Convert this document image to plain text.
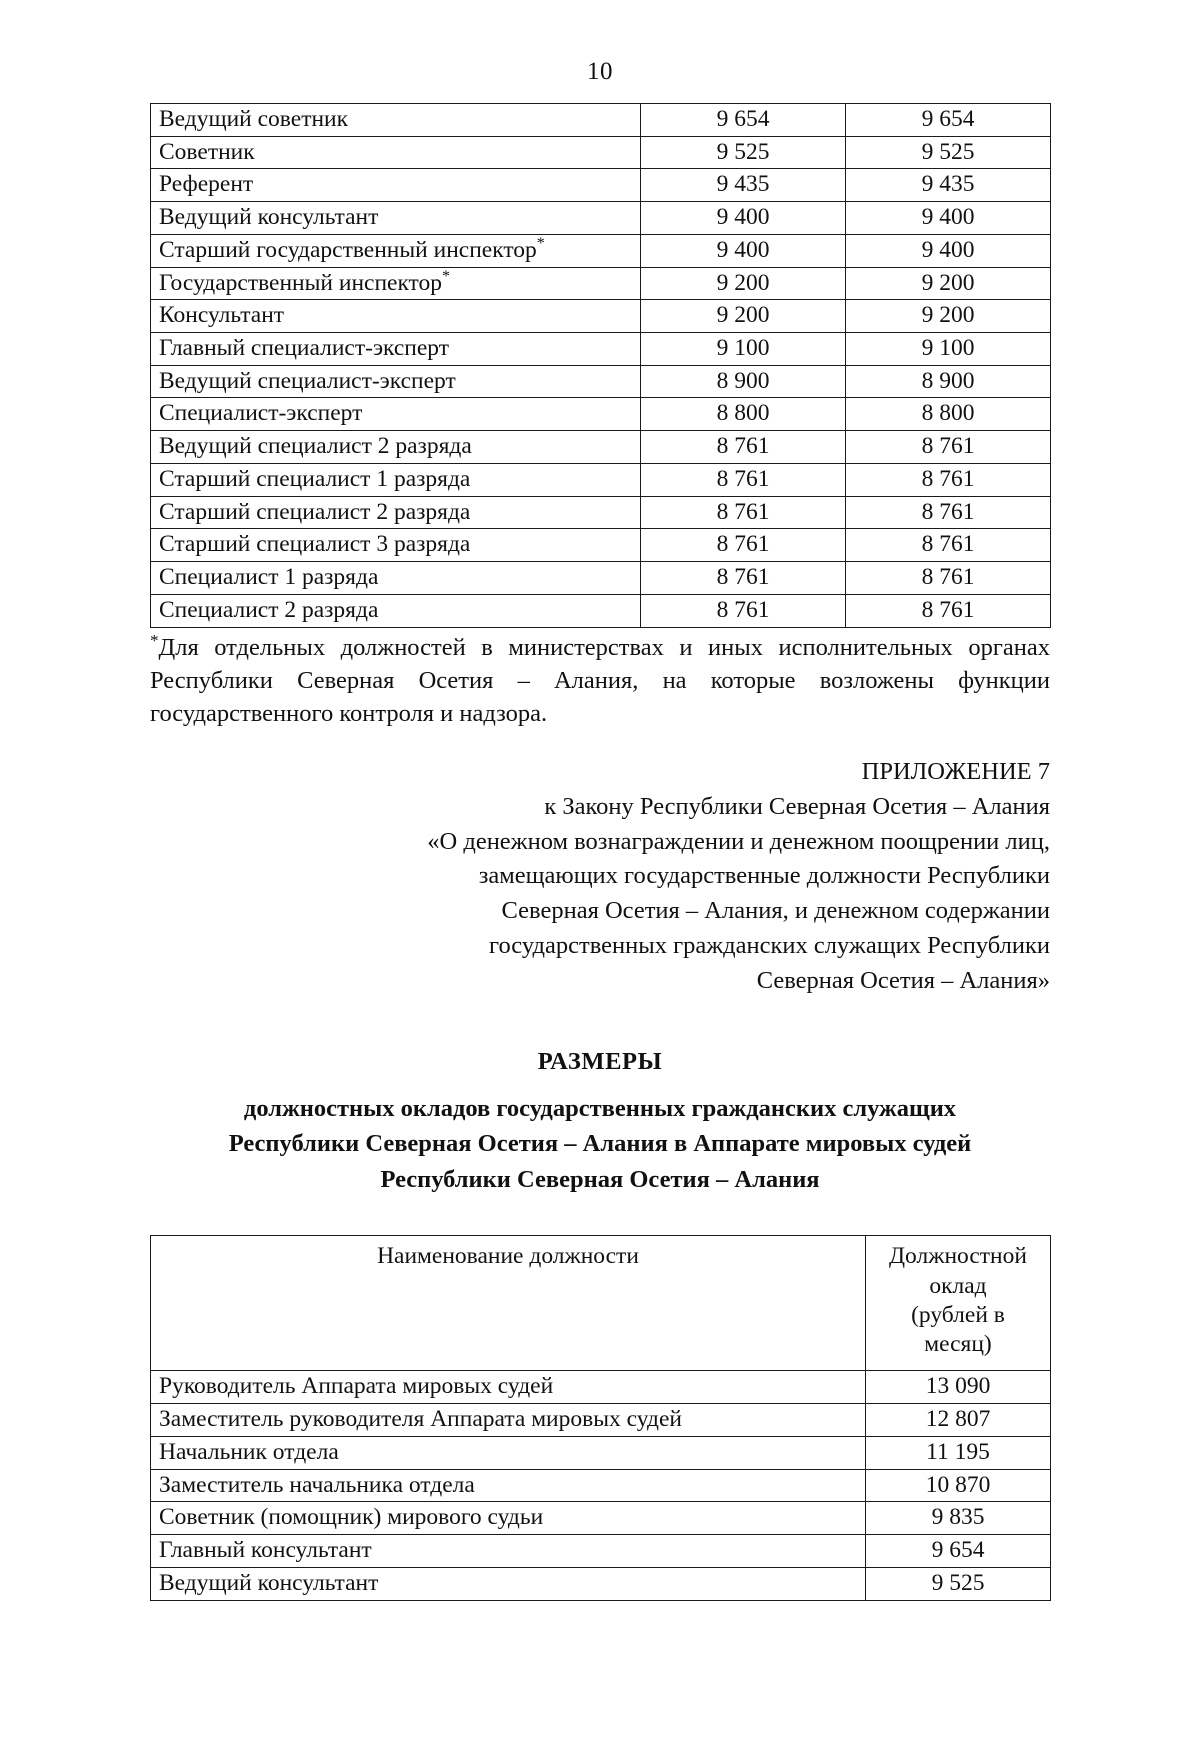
10
Ведущий советник	9 654	9 654
Советник	9 525	9 525
Референт	9 435	9 435
Ведущий консультант	9 400	9 400
Старший государственный инспектор*	9 400	9 400
Государственный инспектор*	9 200	9 200
Консультант	9 200	9 200
Главный специалист-эксперт	9 100	9 100
Ведущий специалист-эксперт	8 900	8 900
Специалист-эксперт	8 800	8 800
Ведущий специалист 2 разряда	8 761	8 761
Старший специалист 1 разряда	8 761	8 761
Старший специалист 2 разряда	8 761	8 761
Старший специалист 3 разряда	8 761	8 761
Специалист 1 разряда	8 761	8 761
Специалист 2 разряда	8 761	8 761

*Для отдельных должностей в министерствах и иных исполнительных органах Республики Северная Осетия – Алания, на которые возложены функции государственного контроля и надзора.

ПРИЛОЖЕНИЕ 7
к Закону Республики Северная Осетия – Алания
«О денежном вознаграждении и денежном поощрении лиц,
замещающих государственные должности Республики
Северная Осетия – Алания, и денежном содержании
государственных гражданских служащих Республики
Северная Осетия – Алания»
РАЗМЕРЫ
должностных окладов государственных гражданских служащих
Республики Северная Осетия – Алания в Аппарате мировых судей
Республики Северная Осетия – Алания
Наименование должности	Должностной
оклад
(рублей в
месяц)

Руководитель Аппарата мировых судей	13 090
Заместитель руководителя Аппарата мировых судей	12 807
Начальник отдела	11 195
Заместитель начальника отдела	10 870
Советник (помощник) мирового судьи	9 835
Главный консультант	9 654
Ведущий консультант	9 525
